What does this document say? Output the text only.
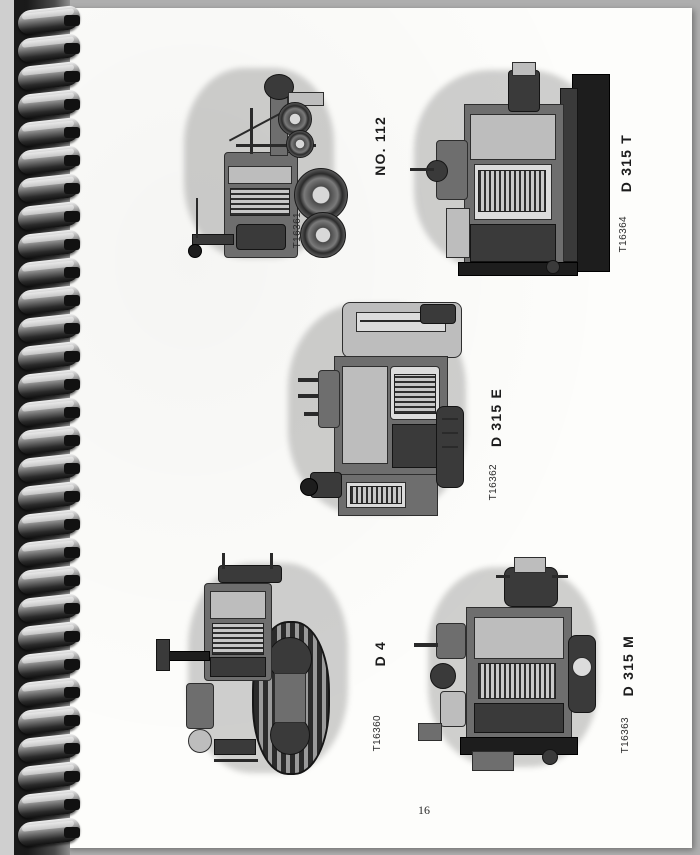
T16361
NO. 112
T16364
D 315 T
T16362
D 315 E
T16360
D 4
T16363
D 315 M
16
